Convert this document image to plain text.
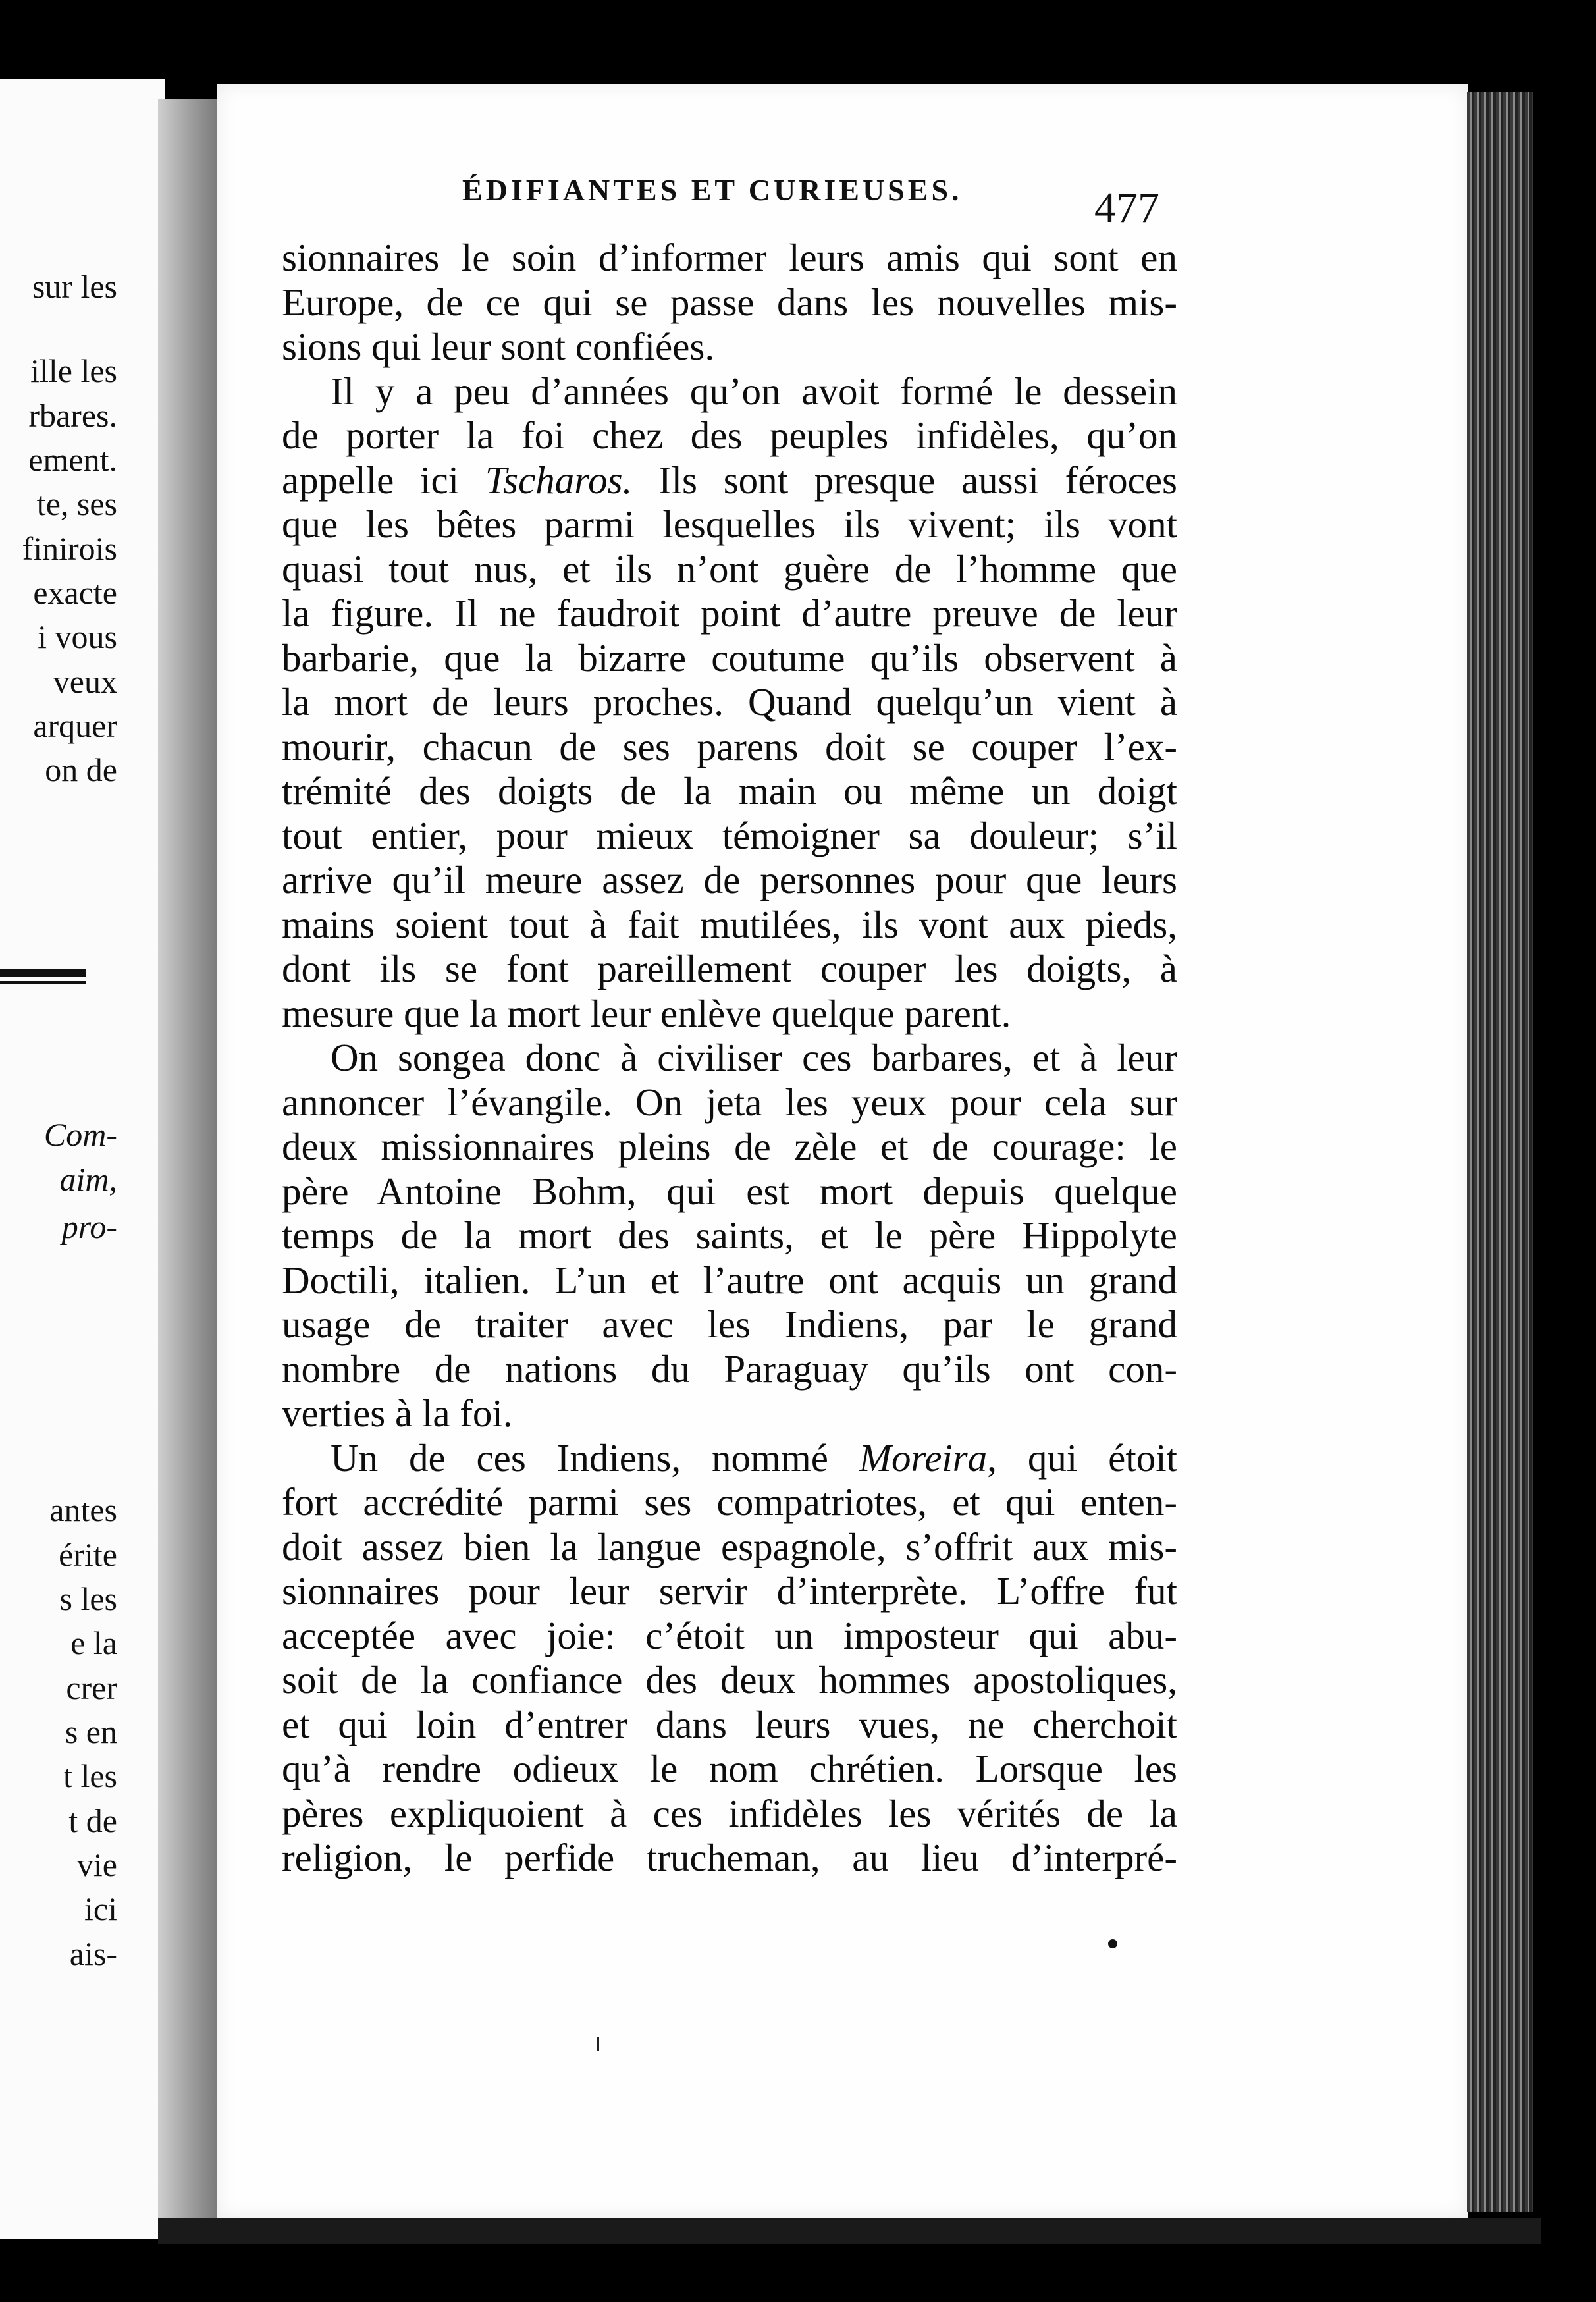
sur les
ille les
rbares.
ement.
te, ses
finirois
exacte
i vous
veux
arquer
on de
Com-
aim,
pro-
antes
érite
s les
e la
crer
s en
t les
t de
vie
ici
ais-
ÉDIFIANTES ET CURIEUSES.	477
sionnaires le soin d’informer leurs amis qui sont en
Europe, de ce qui se passe dans les nouvelles mis-
sions qui leur sont confiées.
Il y a peu d’années qu’on avoit formé le dessein
de porter la foi chez des peuples infidèles, qu’on
appelle ici Tscharos. Ils sont presque aussi féroces
que les bêtes parmi lesquelles ils vivent; ils vont
quasi tout nus, et ils n’ont guère de l’homme que
la figure. Il ne faudroit point d’autre preuve de leur
barbarie, que la bizarre coutume qu’ils observent à
la mort de leurs proches. Quand quelqu’un vient à
mourir, chacun de ses parens doit se couper l’ex-
trémité des doigts de la main ou même un doigt
tout entier, pour mieux témoigner sa douleur; s’il
arrive qu’il meure assez de personnes pour que leurs
mains soient tout à fait mutilées, ils vont aux pieds,
dont ils se font pareillement couper les doigts, à
mesure que la mort leur enlève quelque parent.
On songea donc à civiliser ces barbares, et à leur
annoncer l’évangile. On jeta les yeux pour cela sur
deux missionnaires pleins de zèle et de courage: le
père Antoine Bohm, qui est mort depuis quelque
temps de la mort des saints, et le père Hippolyte
Doctili, italien. L’un et l’autre ont acquis un grand
usage de traiter avec les Indiens, par le grand
nombre de nations du Paraguay qu’ils ont con-
verties à la foi.
Un de ces Indiens, nommé Moreira, qui étoit
fort accrédité parmi ses compatriotes, et qui enten-
doit assez bien la langue espagnole, s’offrit aux mis-
sionnaires pour leur servir d’interprète. L’offre fut
acceptée avec joie: c’étoit un imposteur qui abu-
soit de la confiance des deux hommes apostoliques,
et qui loin d’entrer dans leurs vues, ne cherchoit
qu’à rendre odieux le nom chrétien. Lorsque les
pères expliquoient à ces infidèles les vérités de la
religion, le perfide trucheman, au lieu d’interpré-
